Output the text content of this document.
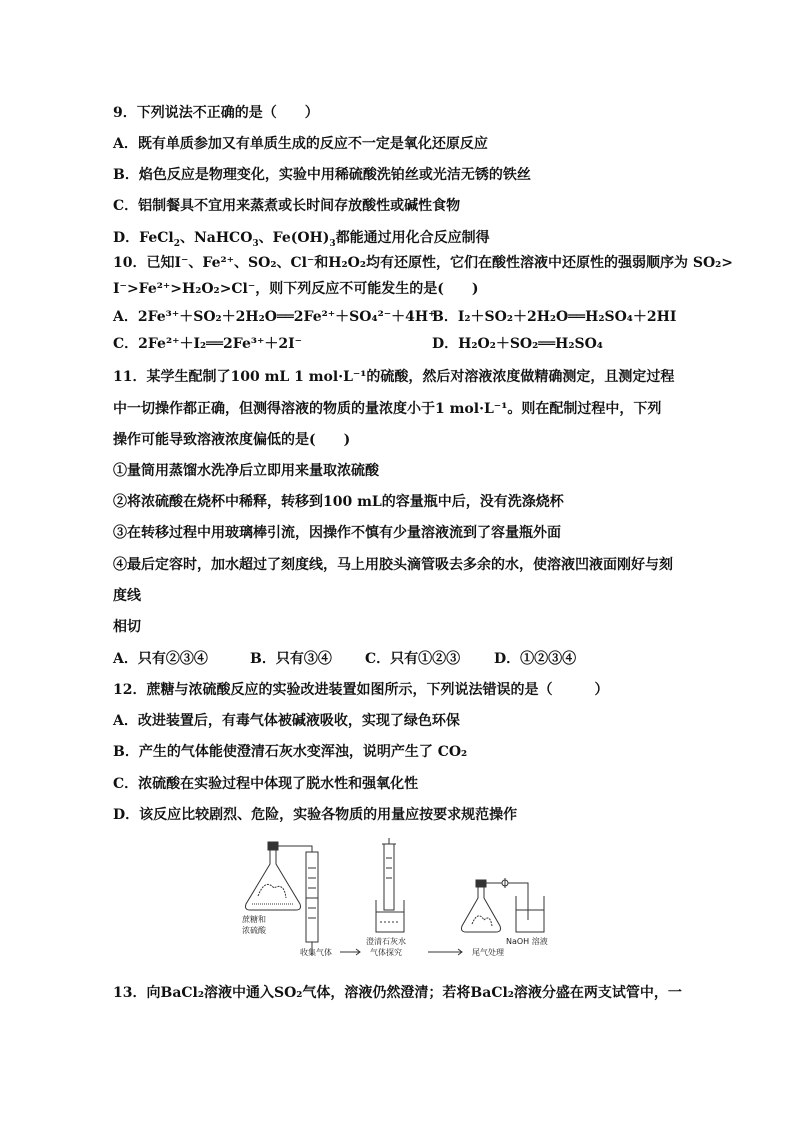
9．下列说法不正确的是（　　）
A．既有单质参加又有单质生成的反应不一定是氧化还原反应
B．焰色反应是物理变化，实验中用稀硫酸洗铂丝或光洁无锈的铁丝
C．铝制餐具不宜用来蒸煮或长时间存放酸性或碱性食物
D．FeCl$_2$、NaHCO$_3$、$Fe(OH)_3$都能通过用化合反应制得
10．已知I⁻、Fe²⁺、SO₂、Cl⁻和H₂O₂均有还原性，它们在酸性溶液中还原性的强弱顺序为 SO₂>
I⁻>Fe²⁺>H₂O₂>Cl⁻，则下列反应不可能发生的是(　　)
A．2Fe³⁺＋SO₂＋2H₂O══2Fe²⁺＋SO₄²⁻＋4H⁺
B．I₂＋SO₂＋2H₂O══H₂SO₄＋2HI
C．2Fe²⁺＋I₂══2Fe³⁺＋2I⁻	D．H₂O₂＋SO₂══H₂SO₄
11．某学生配制了100 mL 1 mol·L⁻¹的硫酸，然后对溶液浓度做精确测定，且测定过程
中一切操作都正确，但测得溶液的物质的量浓度小于1 mol·L⁻¹。则在配制过程中，下列
操作可能导致溶液浓度偏低的是(　　)
①量筒用蒸馏水洗净后立即用来量取浓硫酸
②将浓硫酸在烧杯中稀释，转移到100 mL的容量瓶中后，没有洗涤烧杯
③在转移过程中用玻璃棒引流，因操作不慎有少量溶液流到了容量瓶外面
④最后定容时，加水超过了刻度线，马上用胶头滴管吸去多余的水，使溶液凹液面刚好与刻
度线
相切
A．只有②③④	B．只有③④ C．只有①②③ D．①②③④
12．蔗糖与浓硫酸反应的实验改进装置如图所示，下列说法错误的是（　　　）
A．改进装置后，有毒气体被碱液吸收，实现了绿色环保
B．产生的气体能使澄清石灰水变浑浊，说明产生了 CO₂
C．浓硫酸在实验过程中体现了脱水性和强氧化性
D．该反应比较剧烈、危险，实验各物质的用量应按要求规范操作
蔗糖和
浓硫酸
澄清石灰水	NaOH 溶液
收集气体	气体探究	尾气处理
13．向BaCl₂溶液中通入SO₂气体，溶液仍然澄清；若将BaCl₂溶液分盛在两支试管中，一
